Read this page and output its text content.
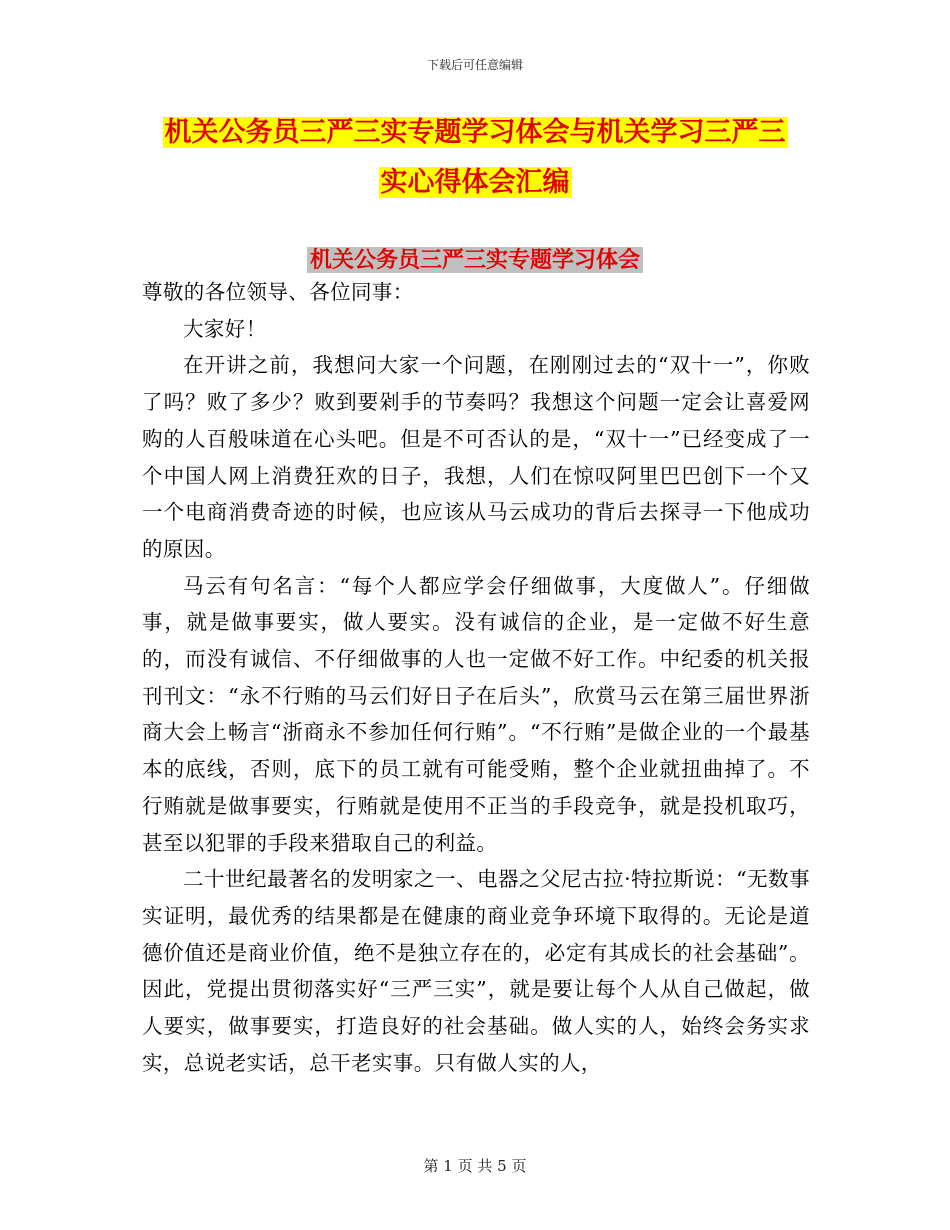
下载后可任意编辑
机关公务员三严三实专题学习体会与机关学习三严三
实心得体会汇编
机关公务员三严三实专题学习体会

尊敬的各位领导、各位同事：

大家好！

在开讲之前，我想问大家一个问题，在刚刚过去的“双十一”，你败了吗？败了多少？败到要剁手的节奏吗？我想这个问题一定会让喜爱网购的人百般味道在心头吧。但是不可否认的是，“双十一”已经变成了一个中国人网上消费狂欢的日子，我想，人们在惊叹阿里巴巴创下一个又一个电商消费奇迹的时候，也应该从马云成功的背后去探寻一下他成功的原因。

马云有句名言：“每个人都应学会仔细做事，大度做人”。仔细做事，就是做事要实，做人要实。没有诚信的企业，是一定做不好生意的，而没有诚信、不仔细做事的人也一定做不好工作。中纪委的机关报刊刊文：“永不行贿的马云们好日子在后头”，欣赏马云在第三届世界浙商大会上畅言“浙商永不参加任何行贿”。“不行贿”是做企业的一个最基本的底线，否则，底下的员工就有可能受贿，整个企业就扭曲掉了。不行贿就是做事要实，行贿就是使用不正当的手段竞争，就是投机取巧，甚至以犯罪的手段来猎取自己的利益。

二十世纪最著名的发明家之一、电器之父尼古拉·特拉斯说：“无数事实证明，最优秀的结果都是在健康的商业竞争环境下取得的。无论是道德价值还是商业价值，绝不是独立存在的，必定有其成长的社会基础”。因此，党提出贯彻落实好“三严三实”，就是要让每个人从自己做起，做人要实，做事要实，打造良好的社会基础。做人实的人，始终会务实求实，总说老实话，总干老实事。只有做人实的人，

第 1 页 共 5 页
